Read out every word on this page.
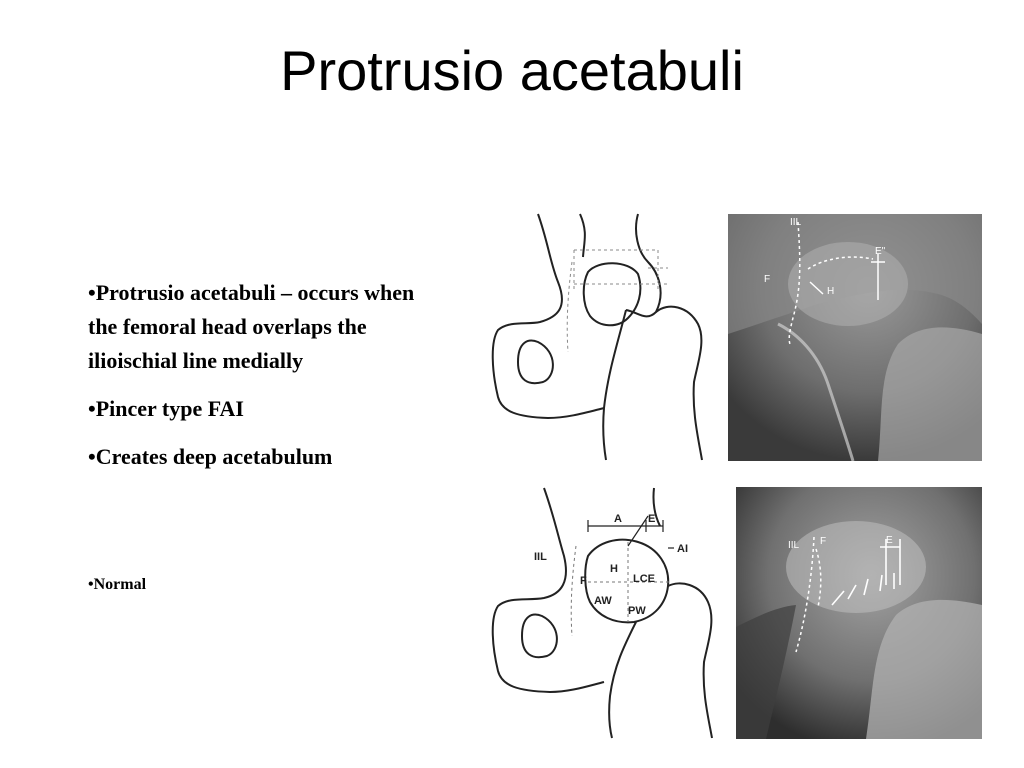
Protrusio acetabuli

•Protrusio acetabuli – occurs when the femoral head overlaps the ilioischial line medially

•Pincer type FAI

•Creates deep acetabulum

•Normal

IIL
E"
F
H
A E
AI
IIL
H
F	LCE
AW
PW
IIL F	E
